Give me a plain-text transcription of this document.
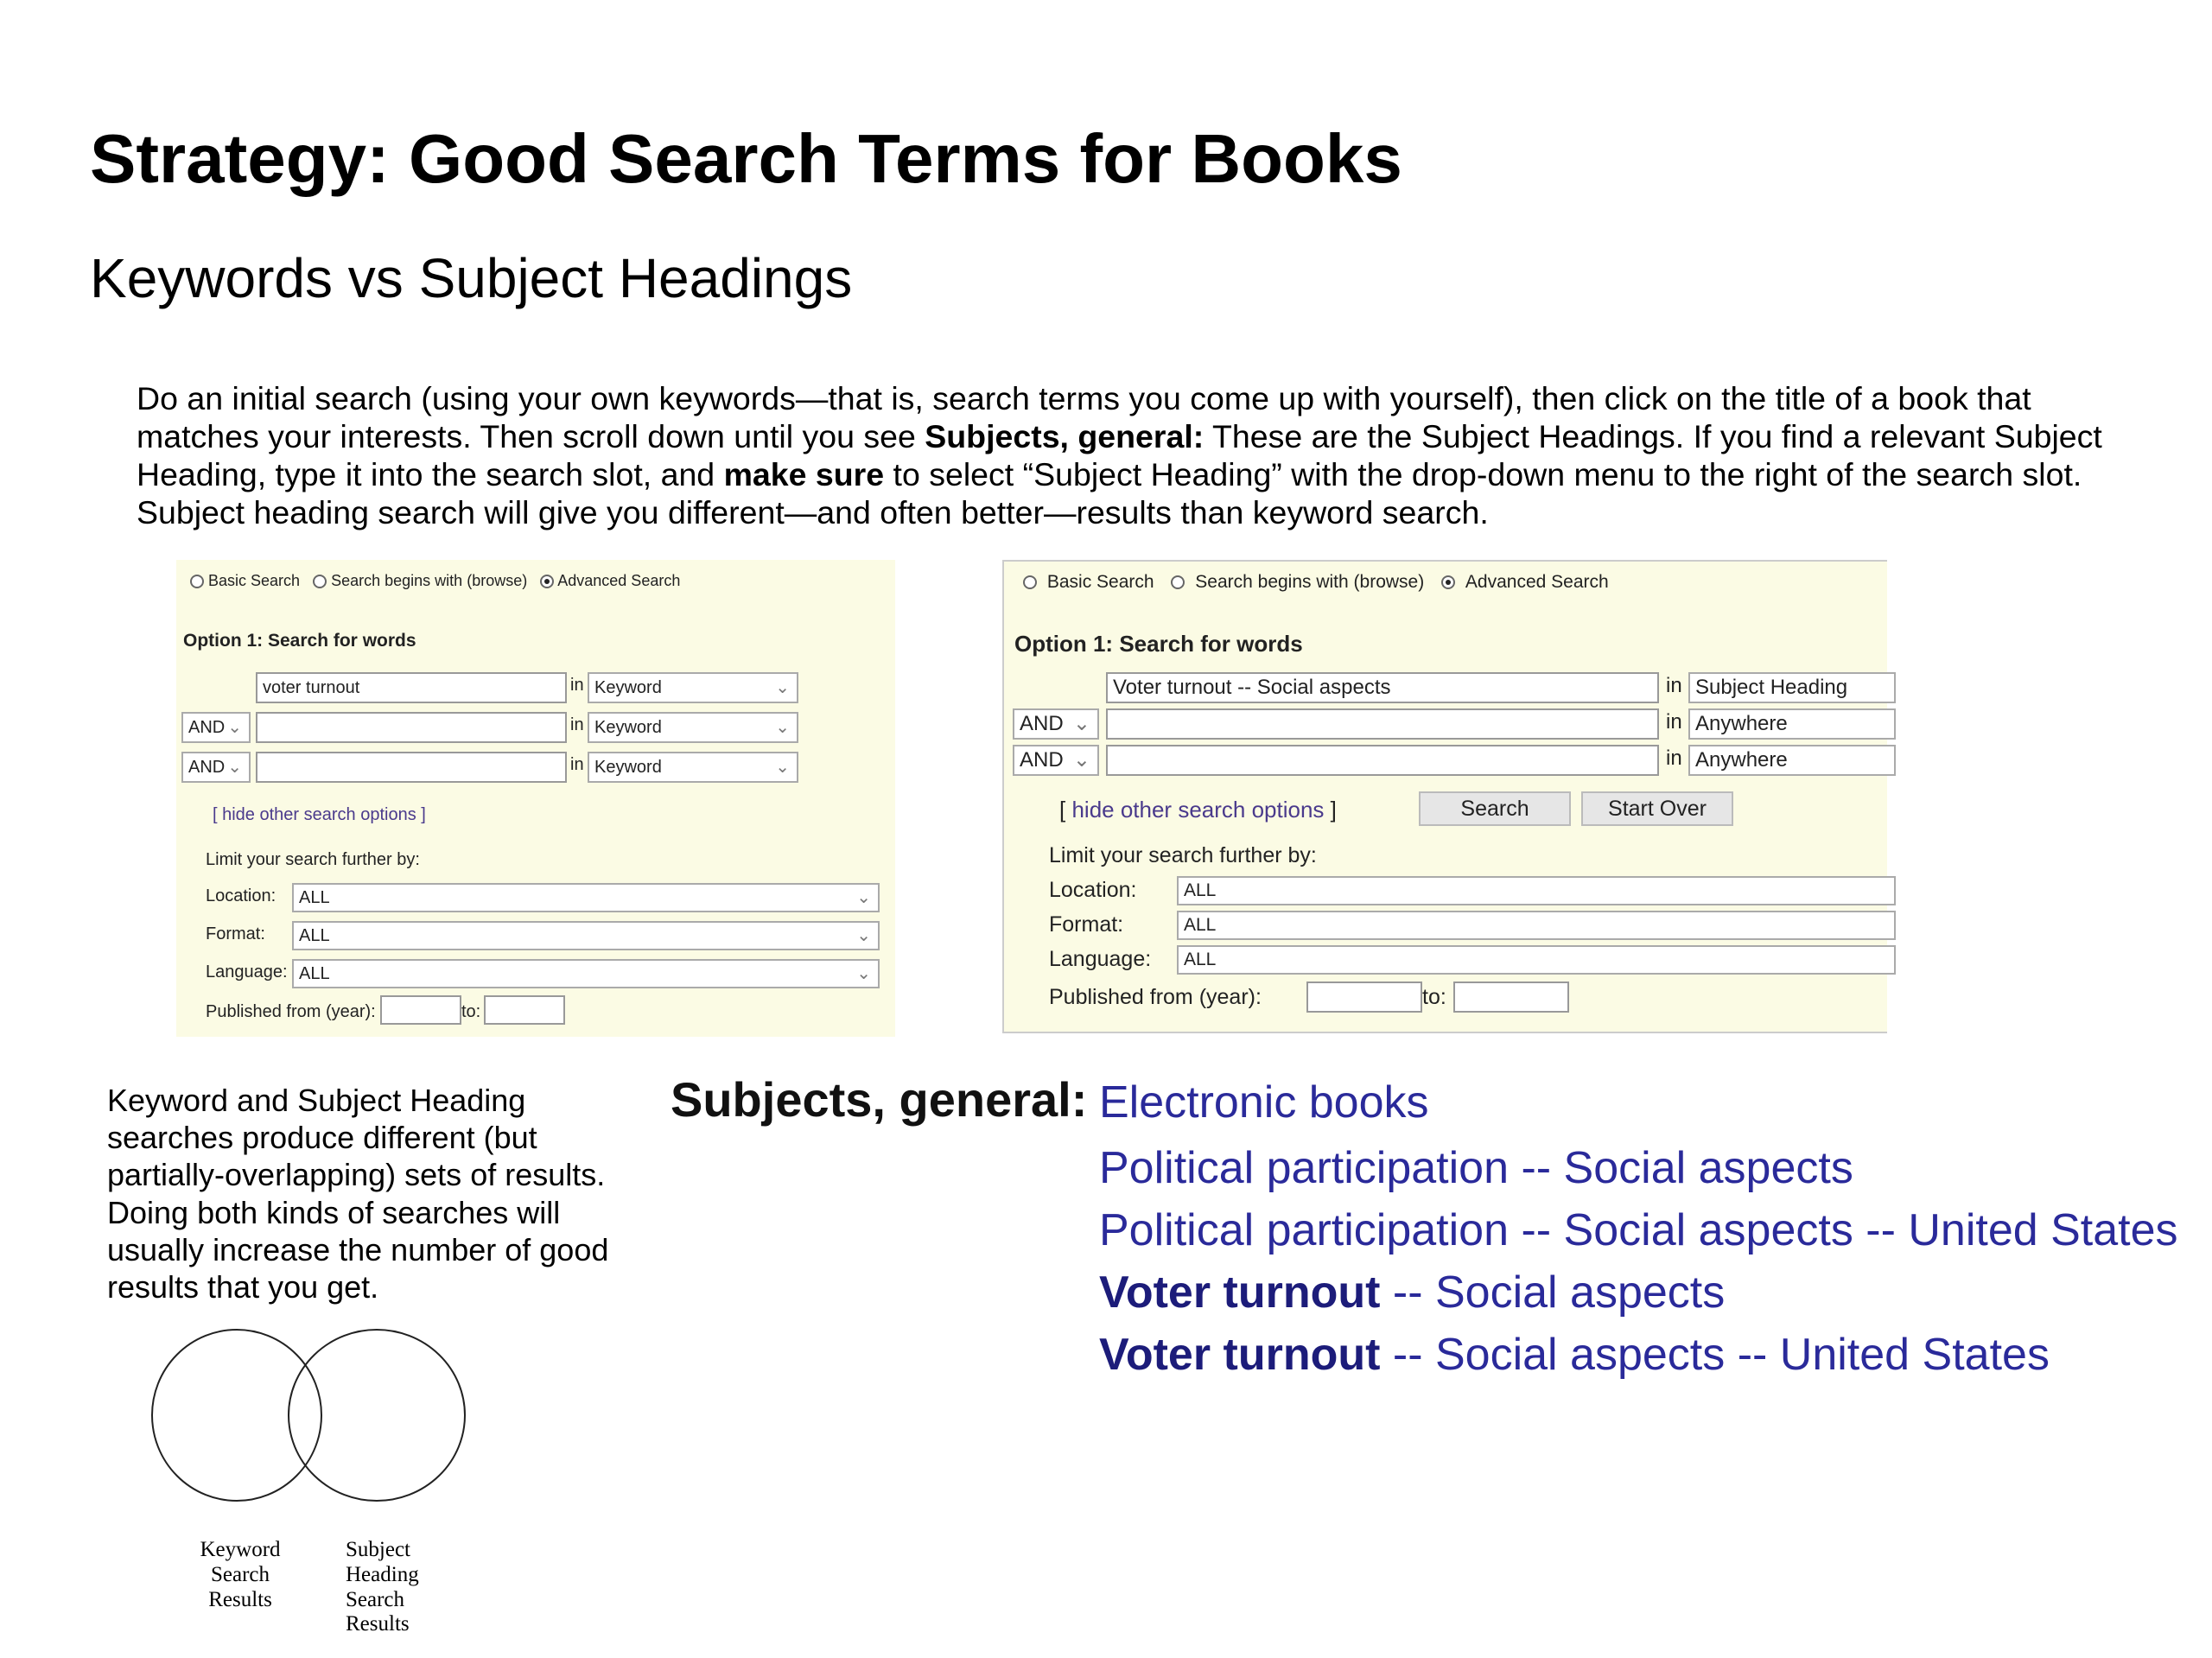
Strategy: Good Search Terms for Books
Keywords vs Subject Headings
Do an initial search (using your own keywords—that is, search terms you come up with yourself), then click on the title of a book that matches your interests. Then scroll down until you see Subjects, general: These are the Subject Headings. If you find a relevant Subject Heading, type it into the search slot, and make sure to select “Subject Heading” with the drop-down menu to the right of the search slot. Subject heading search will give you different—and often better—results than keyword search.
Basic Search Search begins with (browse) Advanced Search
Option 1: Search for words
voter turnout	in Keyword	⌄
AND ⌄	in Keyword	⌄
AND ⌄	in Keyword	⌄
[ hide other search options ]
Limit your search further by:
Location:	ALL	⌄
Format:	ALL	⌄
Language: ALL	⌄
Published from (year):	to:
Basic Search Search begins with (browse) Advanced Search
Option 1: Search for words
Voter turnout -- Social aspects	in Subject Heading
AND ⌄	in Anywhere
AND ⌄	in Anywhere
[ hide other search options ]	Search	Start Over
Limit your search further by:
Location:	ALL
Format:	ALL
Language:	ALL
Published from (year):	to:
Keyword and Subject Heading searches produce different (but partially-overlapping) sets of results. Doing both kinds of searches will usually increase the number of good results that you get.
Keyword
Search
Results
Subject
Heading
Search
Results
Subjects, general: Electronic books
Political participation -- Social aspects
Political participation -- Social aspects -- United States
Voter turnout -- Social aspects
Voter turnout -- Social aspects -- United States
